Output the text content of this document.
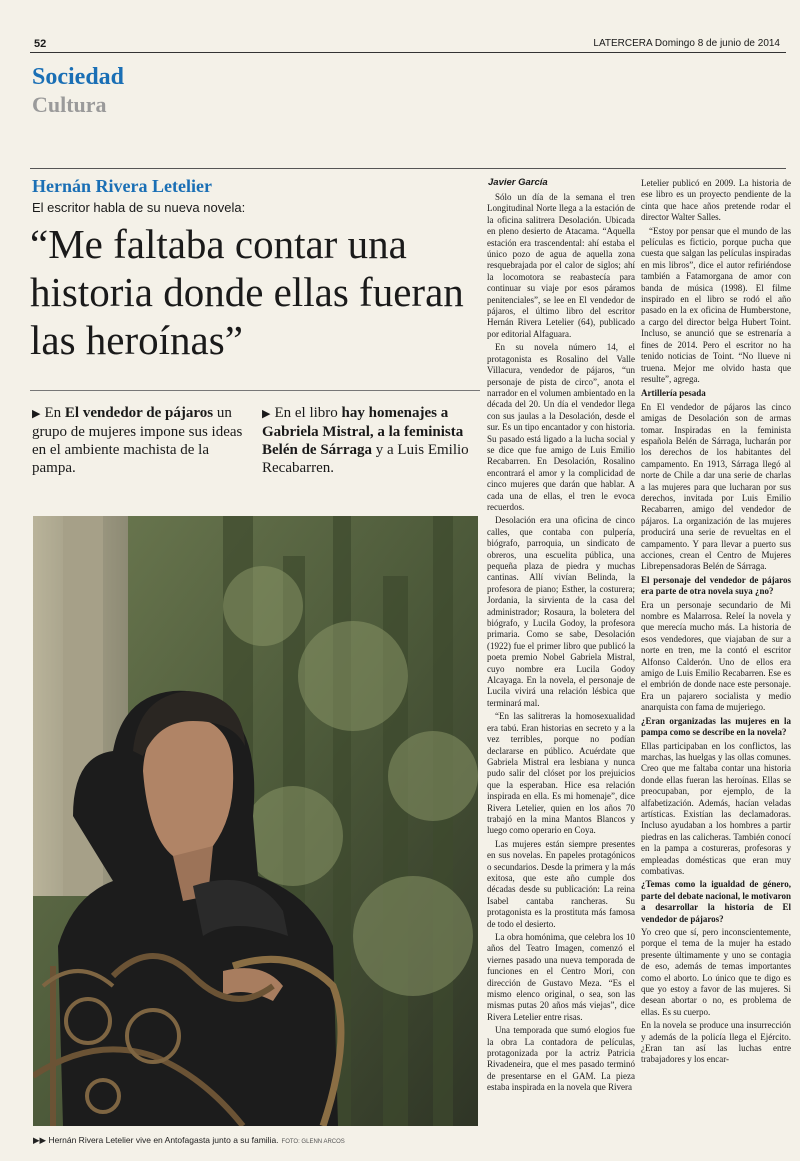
52	LATERCERA Domingo 8 de junio de 2014
Sociedad
Cultura
Hernán Rivera Letelier
El escritor habla de su nueva novela:
“Me faltaba contar una historia donde ellas fueran las heroínas”
▶ En El vendedor de pájaros un grupo de mujeres impone sus ideas en el ambiente machista de la pampa.
▶ En el libro hay homenajes a Gabriela Mistral, a la feminista Belén de Sárraga y a Luis Emilio Recabarren.
▶▶ Hernán Rivera Letelier vive en Antofagasta junto a su familia. FOTO: GLENN ARCOS
Javier García

Sólo un día de la semana el tren Longitudinal Norte llega a la estación de la oficina salitrera Desolación. Ubicada en pleno desierto de Atacama. “Aquella estación era trascendental: ahí estaba el único pozo de agua de aquella zona resquebrajada por el calor de siglos; ahí la locomotora se reabastecía para continuar su viaje por esos páramos penitenciales”, se lee en El vendedor de pájaros, el último libro del escritor Hernán Rivera Letelier (64), publicado por editorial Alfaguara.

En su novela número 14, el protagonista es Rosalino del Valle Villacura, vendedor de pájaros, “un personaje de pista de circo”, anota el narrador en el volumen ambientado en la década del 20. Un día el vendedor llega con sus jaulas a la Desolación, desde el sur. Es un tipo encantador y con historia. Su pasado está ligado a la lucha social y se dice que fue amigo de Luis Emilio Recabarren. En Desolación, Rosalino encontrará el amor y la complicidad de cinco mujeres que darán que hablar. A cada una de ellas, el tren le evoca recuerdos.

Desolación era una oficina de cinco calles, que contaba con pulpería, biógrafo, parroquia, un sindicato de obreros, una escuelita pública, una pequeña plaza de piedra y muchas cantinas. Allí vivían Belinda, la profesora de piano; Esther, la costurera; Jordania, la sirvienta de la casa del administrador; Rosaura, la boletera del biógrafo, y Lucila Godoy, la profesora primaria. Como se sabe, Desolación (1922) fue el primer libro que publicó la poeta premio Nobel Gabriela Mistral, cuyo nombre era Lucila Godoy Alcayaga. En la novela, el personaje de Lucila vivirá una relación lésbica que terminará mal.

“En las salitreras la homosexualidad era tabú. Eran historias en secreto y a la vez terribles, porque no podían declararse en público. Acuérdate que Gabriela Mistral era lesbiana y nunca pudo salir del clóset por los prejuicios que la esperaban. Hice esa relación inspirada en ella. Es mi homenaje”, dice Rivera Letelier, quien en los años 70 trabajó en la mina Mantos Blancos y luego como operario en Coya.

Las mujeres están siempre presentes en sus novelas. En papeles protagónicos o secundarios. Desde la primera y la más exitosa, que este año cumple dos décadas desde su publicación: La reina Isabel cantaba rancheras. Su protagonista es la prostituta más famosa de todo el desierto.

La obra homónima, que celebra los 10 años del Teatro Imagen, comenzó el viernes pasado una nueva temporada de funciones en el Centro Mori, con dirección de Gustavo Meza. “Es el mismo elenco original, o sea, son las mismas putas 20 años más viejas”, dice Rivera Letelier entre risas.

Una temporada que sumó elogios fue la obra La contadora de películas, protagonizada por la actriz Patricia Rivadeneira, que el mes pasado terminó de presentarse en el GAM. La pieza estaba inspirada en la novela que Rivera

Letelier publicó en 2009. La historia de ese libro es un proyecto pendiente de la cinta que hace años pretende rodar el director Walter Salles.

“Estoy por pensar que el mundo de las películas es ficticio, porque pucha que cuesta que salgan las películas inspiradas en mis libros”, dice el autor refiriéndose también a Fatamorgana de amor con banda de música (1998). El filme inspirado en el libro se rodó el año pasado en la ex oficina de Humberstone, a cargo del director belga Hubert Toint. Incluso, se anunció que se estrenaría a fines de 2014. Pero el escritor no ha tenido noticias de Toint. “No llueve ni truena. Mejor me olvido hasta que resulte”, agrega.

Artillería pesada

En El vendedor de pájaros las cinco amigas de Desolación son de armas tomar. Inspiradas en la feminista española Belén de Sárraga, lucharán por los derechos de los habitantes del campamento. En 1913, Sárraga llegó al norte de Chile a dar una serie de charlas a las mujeres para que lucharan por sus derechos, invitada por Luis Emilio Recabarren, amigo del vendedor de pájaros. La organización de las mujeres producirá una serie de revueltas en el campamento. Y para llevar a puerto sus acciones, crean el Centro de Mujeres Librepensadoras Belén de Sárraga.

El personaje del vendedor de pájaros era parte de otra novela suya ¿no?

Era un personaje secundario de Mi nombre es Malarrosa. Releí la novela y que merecía mucho más. La historia de esos vendedores, que viajaban de sur a norte en tren, me la contó el escritor Alfonso Calderón. Uno de ellos era amigo de Luis Emilio Recabarren. Ese es el embrión de donde nace este personaje. Era un pajarero socialista y medio anarquista con fama de mujeriego.

¿Eran organizadas las mujeres en la pampa como se describe en la novela?

Ellas participaban en los conflictos, las marchas, las huelgas y las ollas comunes. Creo que me faltaba contar una historia donde ellas fueran las heroínas. Ellas se preocupaban, por ejemplo, de la alfabetización. Además, hacían veladas artísticas. Existían las declamadoras. Incluso ayudaban a los hombres a partir piedras en las calicheras. También conocí en la pampa a costureras, profesoras y empleadas domésticas que eran muy combativas.

¿Temas como la igualdad de género, parte del debate nacional, le motivaron a desarrollar la historia de El vendedor de pájaros?

Yo creo que sí, pero inconscientemente, porque el tema de la mujer ha estado presente últimamente y uno se contagia de eso, además de temas importantes como el aborto. Lo único que te digo es que yo estoy a favor de las mujeres. Si desean abortar o no, es problema de ellas. Es su cuerpo.

En la novela se produce una insurrección y además de la policía llega el Ejército. ¿Eran tan así las luchas entre trabajadores y los encar-
